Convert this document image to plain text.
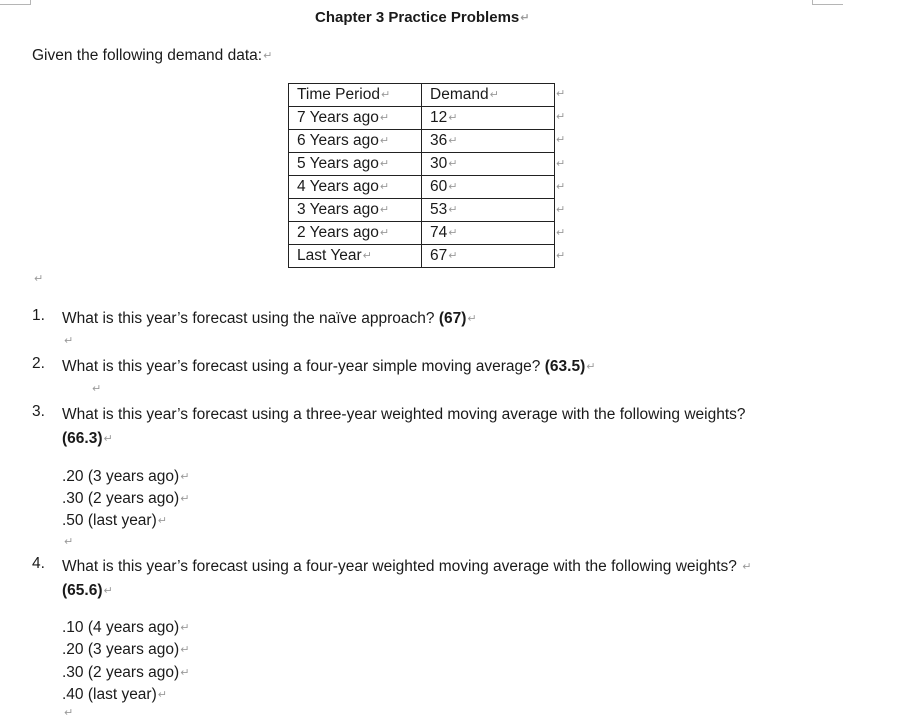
Chapter 3 Practice Problems↵
Given the following demand data:↵
Time Period↵	Demand↵
7 Years ago↵	12↵
6 Years ago↵	36↵
5 Years ago↵	30↵
4 Years ago↵	60↵
3 Years ago↵	53↵
2 Years ago↵	74↵
Last Year↵	67↵
↵
↵
↵
↵
↵
↵
↵
↵
↵
1. What is this year’s forecast using the naïve approach? (67)↵
↵
2. What is this year’s forecast using a four-year simple moving average? (63.5)↵
↵
3. What is this year’s forecast using a three-year weighted moving average with the following weights?
(66.3)↵
.20 (3 years ago)↵
.30 (2 years ago)↵
.50 (last year)↵
↵
4. What is this year’s forecast using a four-year weighted moving average with the following weights? ↵
(65.6)↵
.10 (4 years ago)↵
.20 (3 years ago)↵
.30 (2 years ago)↵
.40 (last year)↵
↵
